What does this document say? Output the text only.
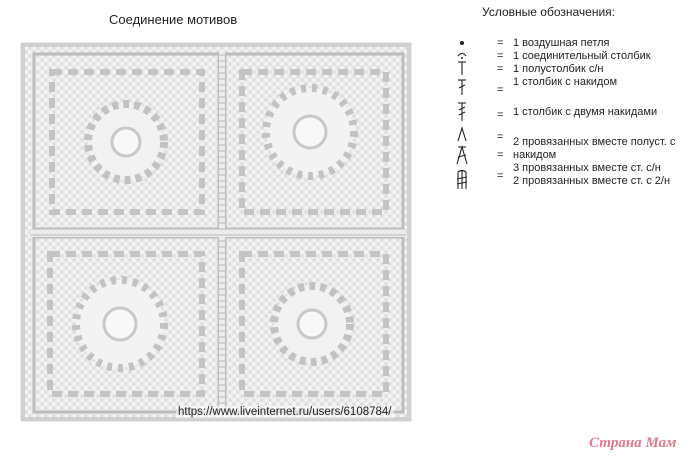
Соединение мотивов
https://www.liveinternet.ru/users/6108784/
Условные обозначения:
=
=
=
=
=
=
=
=
1 воздушная петля
1 соединительный столбик
1 полустолбик с/н
1 столбик с накидом
1 столбик с двумя накидами
2 провязанных вместе полуст. с
накидом
3 провязанных вместе ст. с/н
2 провязанных вместе ст. с 2/н
Страна Мам
